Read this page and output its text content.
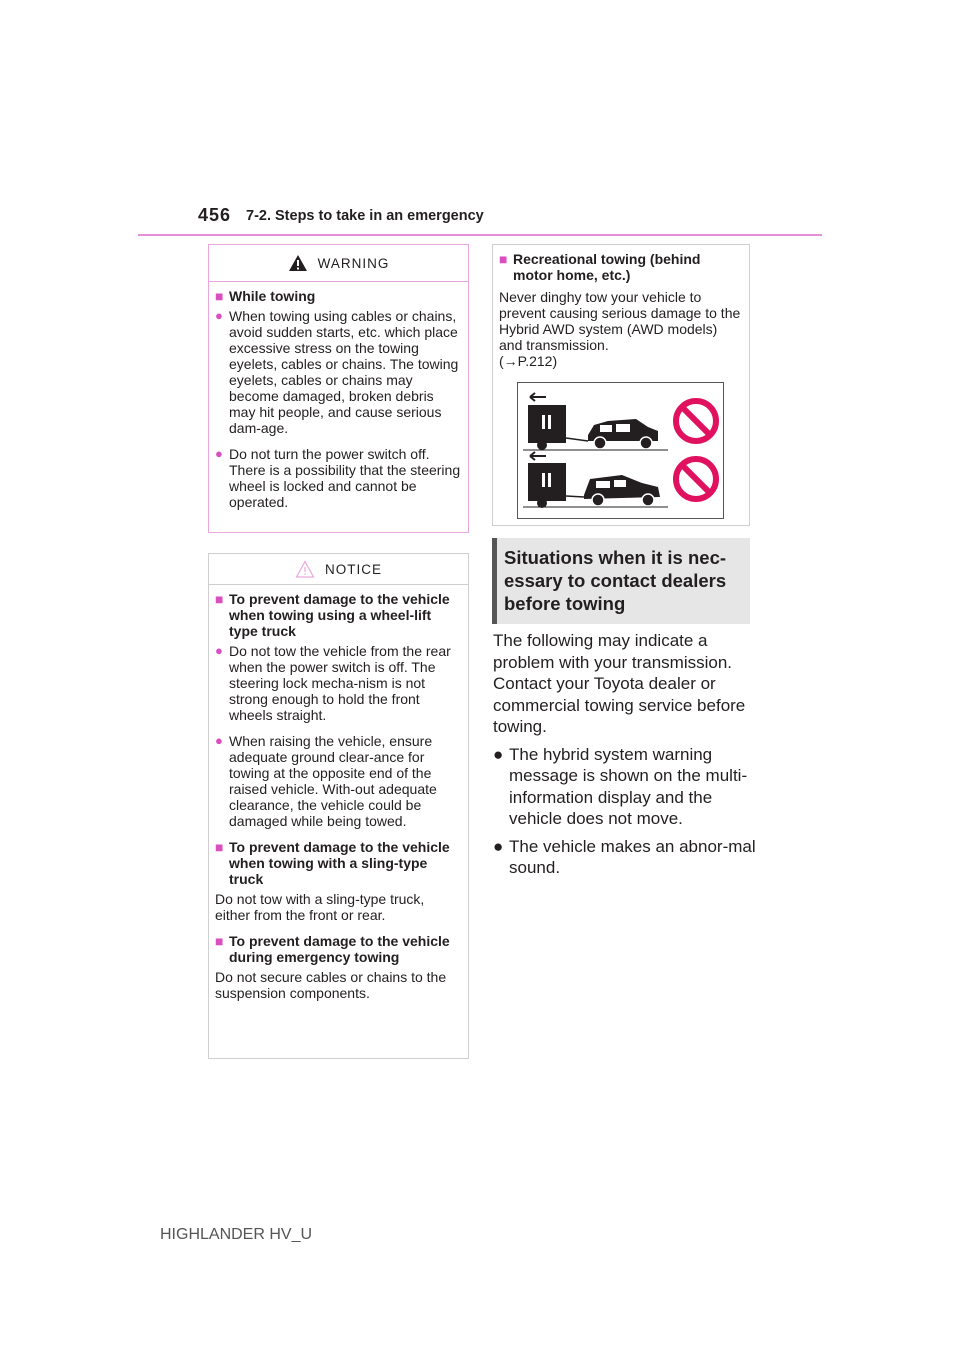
456 7-2. Steps to take in an emergency
WARNING
■ While towing
● When towing using cables or chains, avoid sudden starts, etc. which place excessive stress on the towing eyelets, cables or chains. The towing eyelets, cables or chains may become damaged, broken debris may hit people, and cause serious dam-age.
● Do not turn the power switch off. There is a possibility that the steering wheel is locked and cannot be operated.
NOTICE
■ To prevent damage to the vehicle when towing using a wheel-lift type truck
● Do not tow the vehicle from the rear when the power switch is off. The steering lock mecha-nism is not strong enough to hold the front wheels straight.
● When raising the vehicle, ensure adequate ground clear-ance for towing at the opposite end of the raised vehicle. With-out adequate clearance, the vehicle could be damaged while being towed.
■ To prevent damage to the vehicle when towing with a sling-type truck
Do not tow with a sling-type truck, either from the front or rear.
■ To prevent damage to the vehicle during emergency towing
Do not secure cables or chains to the suspension components.
■ Recreational towing (behind motor home, etc.)
Never dinghy tow your vehicle to prevent causing serious damage to the Hybrid AWD system (AWD models) and transmission.
(→P.212)
Situations when it is nec-essary to contact dealers before towing
The following may indicate a problem with your transmission. Contact your Toyota dealer or commercial towing service before towing.
● The hybrid system warning message is shown on the multi-information display and the vehicle does not move.
● The vehicle makes an abnor-mal sound.
HIGHLANDER HV_U
